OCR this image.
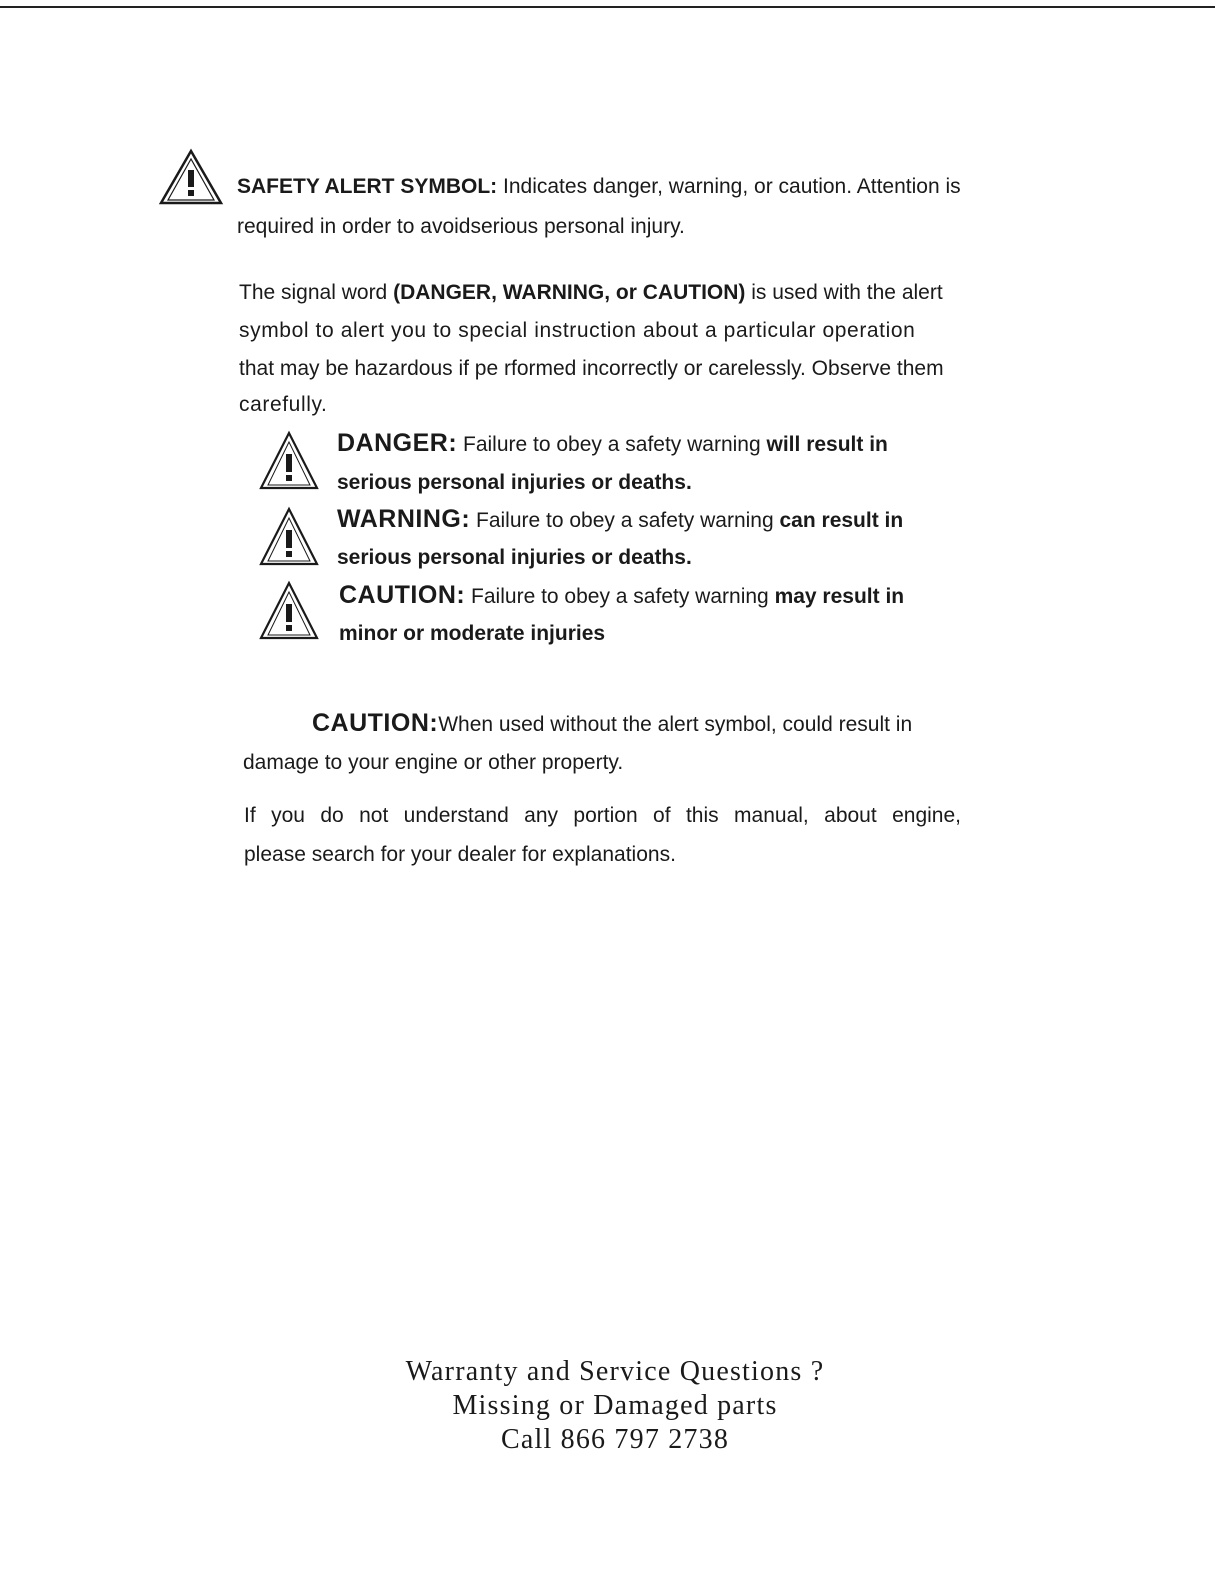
SAFETY ALERT SYMBOL: Indicates danger, warning, or caution. Attention is
required in order to avoidserious personal injury.
The signal word (DANGER, WARNING, or CAUTION) is used with the alert
symbol to alert you to special instruction about a particular operation
that may be hazardous if pe rformed incorrectly or carelessly. Observe them
carefully.
DANGER: Failure to obey a safety warning will result in
serious personal injuries or deaths.
WARNING: Failure to obey a safety warning can result in
serious personal injuries or deaths.
CAUTION: Failure to obey a safety warning may result in
minor or moderate injuries
CAUTION:When used without the alert symbol, could result in
damage to your engine or other property.
If you do not understand any portion of this manual, about engine,
please search for your dealer for explanations.
Warranty and Service Questions ?
Missing or Damaged parts
Call 866 797 2738
